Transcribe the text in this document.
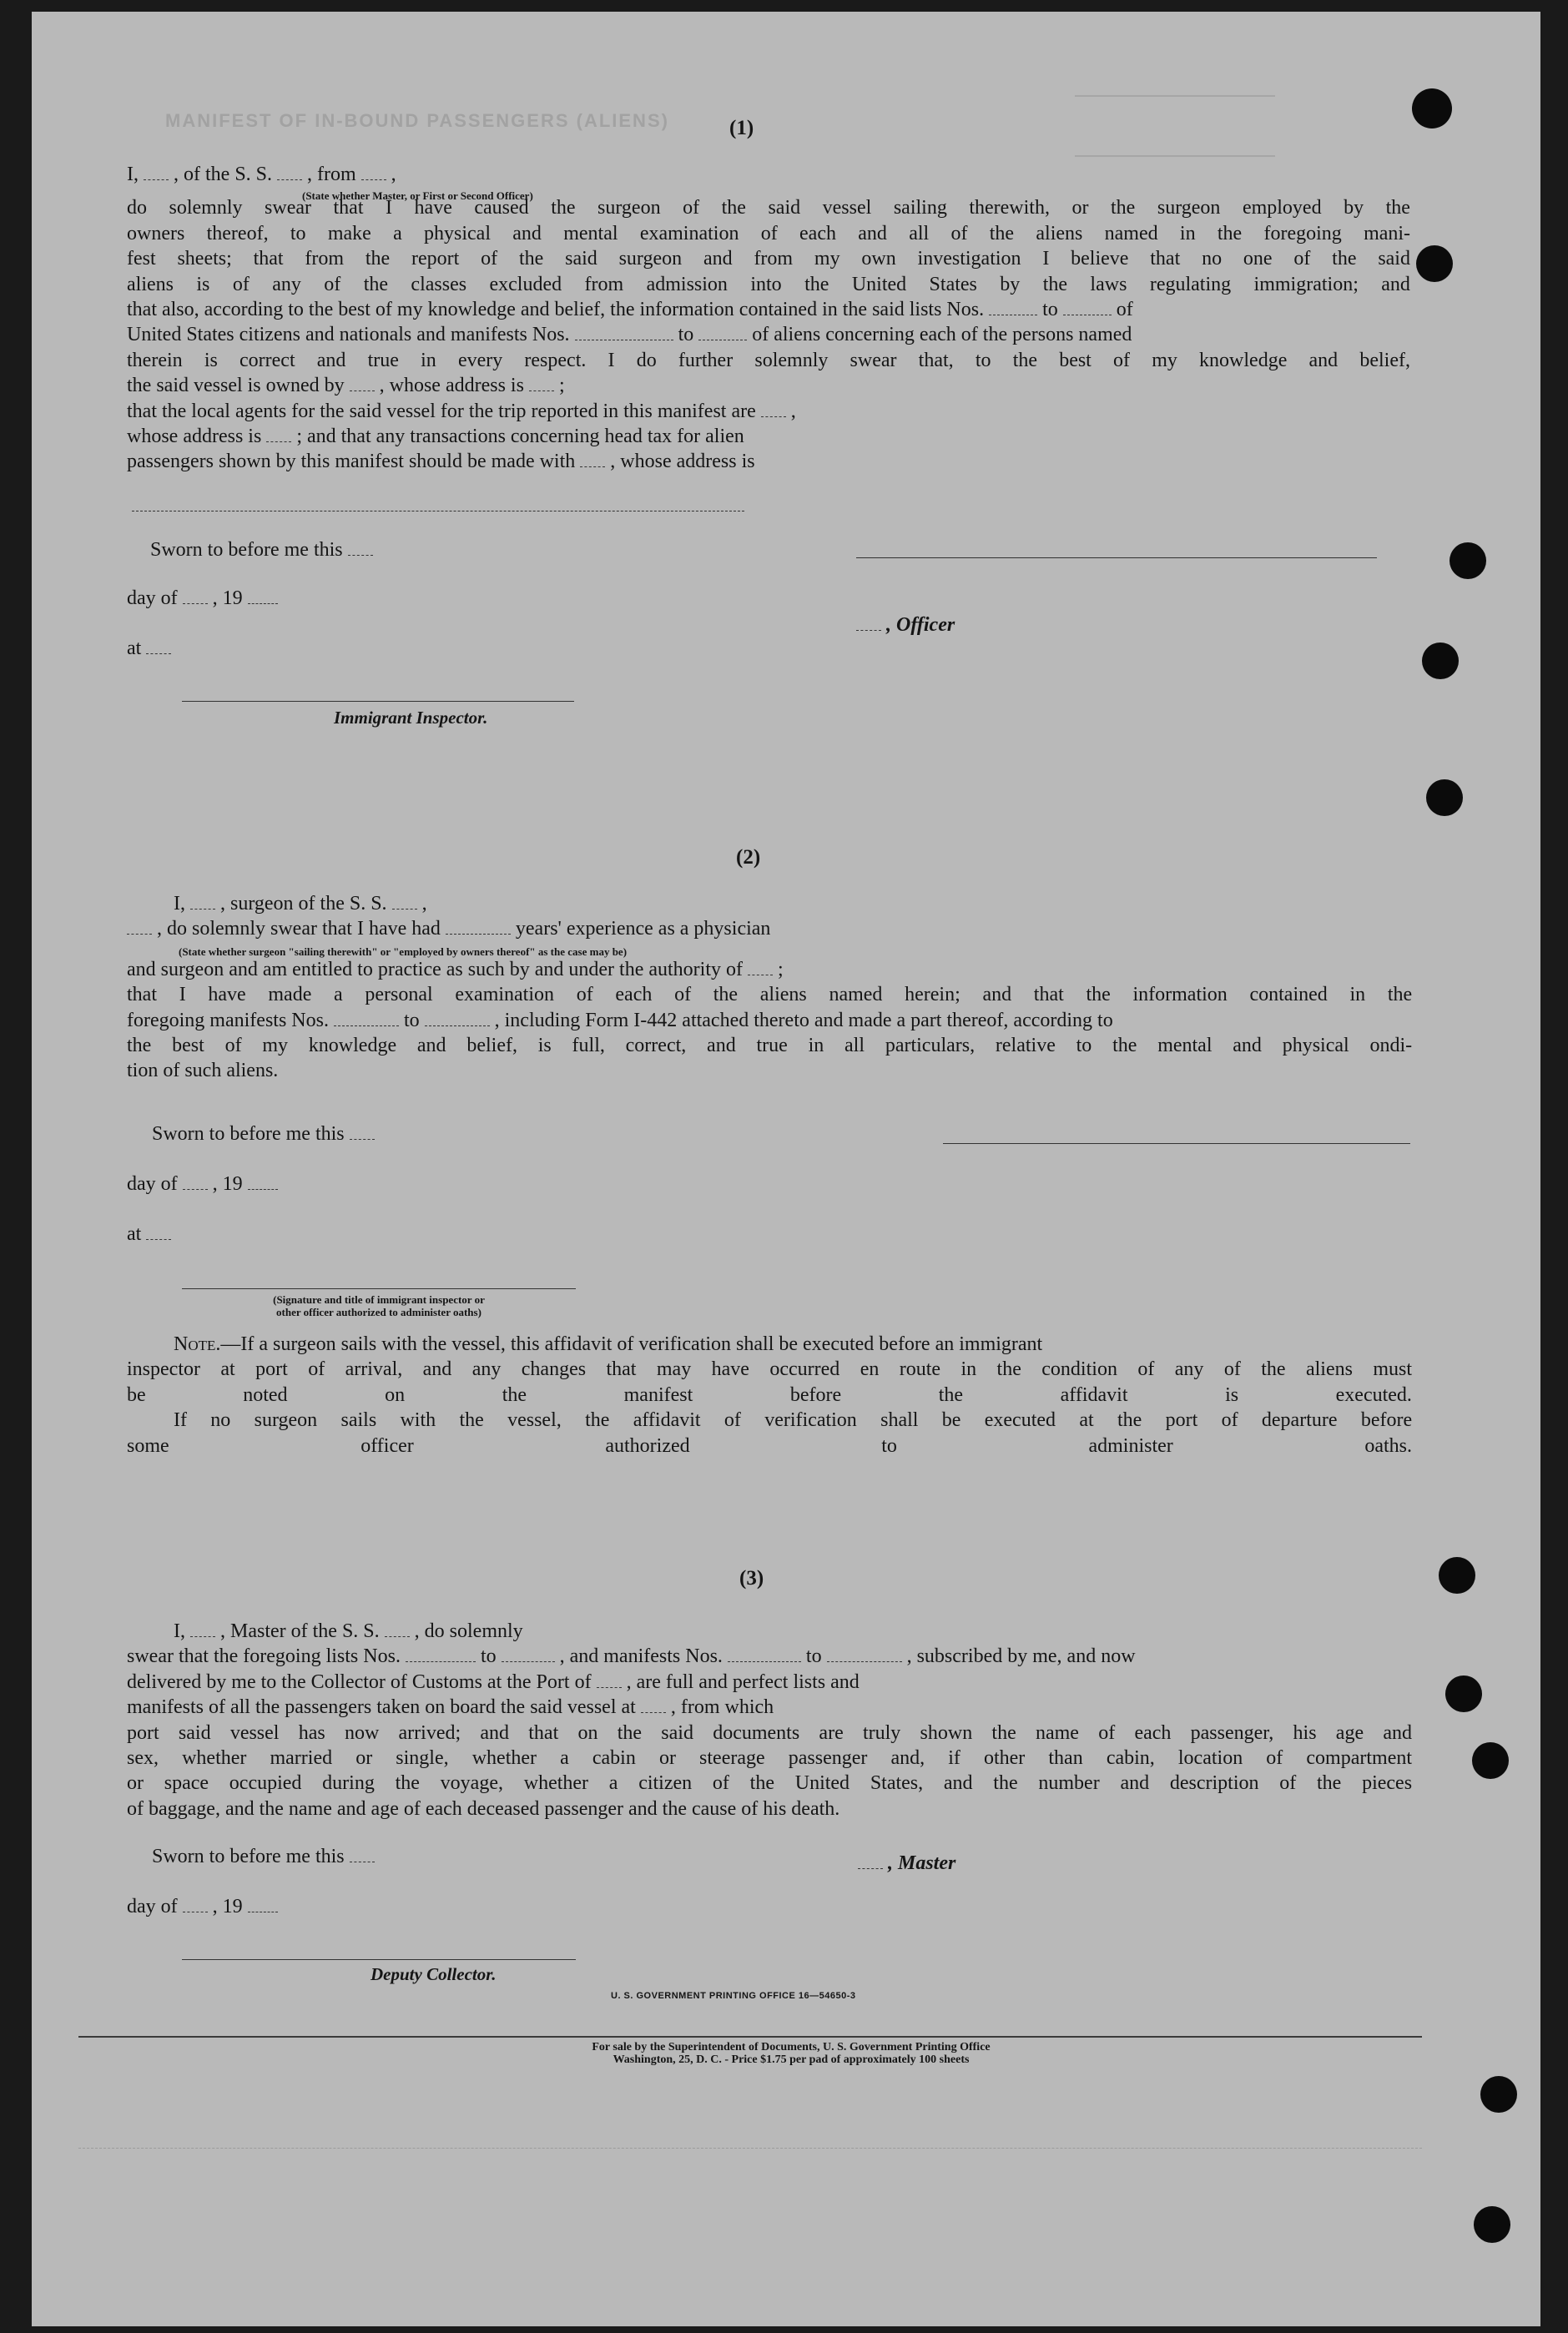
MANIFEST OF IN-BOUND PASSENGERS (ALIENS)	(1)
I, , of the S. S. , from ,
(State whether Master, or First or Second Officer)
do solemnly swear that I have caused the surgeon of the said vessel sailing therewith, or the surgeon employed by the
owners thereof, to make a physical and mental examination of each and all of the aliens named in the foregoing mani-
fest sheets; that from the report of the said surgeon and from my own investigation I believe that no one of the said
aliens is of any of the classes excluded from admission into the United States by the laws regulating immigration; and
that also, according to the best of my knowledge and belief, the information contained in the said lists Nos.	to	of
United States citizens and nationals and manifests Nos.	to	of aliens concerning each of the persons named
therein is correct and true in every respect. I do further solemnly swear that, to the best of my knowledge and belief,
the said vessel is owned by , whose address is ;
that the local agents for the said vessel for the trip reported in this manifest are ,
whose address is ; and that any transactions concerning head tax for alien
passengers shown by this manifest should be made with , whose address is
Sworn to before me this
day of , 19
at
Immigrant Inspector.
, Officer
(2)
I, , surgeon of the S. S. ,
, do solemnly swear that I have had	years' experience as a physician
(State whether surgeon "sailing therewith" or "employed by owners thereof" as the case may be)
and surgeon and am entitled to practice as such by and under the authority of ;
that I have made a personal examination of each of the aliens named herein; and that the information contained in the
foregoing manifests Nos.	to	, including Form I-442 attached thereto and made a part thereof, according to
the best of my knowledge and belief, is full, correct, and true in all particulars, relative to the mental and physical ondi-
tion of such aliens.
Sworn to before me this
day of , 19
at
(Signature and title of immigrant inspector or
other officer authorized to administer oaths)
Note.—If a surgeon sails with the vessel, this affidavit of verification shall be executed before an immigrant
inspector at port of arrival, and any changes that may have occurred en route in the condition of any of the aliens must
be	noted	on	the	manifest	before	the	affidavit	is	executed.
If no surgeon sails with the vessel, the affidavit of verification shall be executed at the port of departure before
some	officer	authorized	to	administer	oaths.
(3)
I, , Master of the S. S. , do solemnly
swear that the foregoing lists Nos.	to	, and manifests Nos.	to	, subscribed by me, and now
delivered by me to the Collector of Customs at the Port of , are full and perfect lists and
manifests of all the passengers taken on board the said vessel at , from which
port said vessel has now arrived; and that on the said documents are truly shown the name of each passenger, his age and
sex, whether married or single, whether a cabin or steerage passenger and, if other than cabin, location of compartment
or space occupied during the voyage, whether a citizen of the United States, and the number and description of the pieces
of baggage, and the name and age of each deceased passenger and the cause of his death.
Sworn to before me this
day of , 19
, Master
Deputy Collector.
U. S. GOVERNMENT PRINTING OFFICE 16—54650-3
For sale by the Superintendent of Documents, U. S. Government Printing Office
Washington, 25, D. C. - Price $1.75 per pad of approximately 100 sheets
